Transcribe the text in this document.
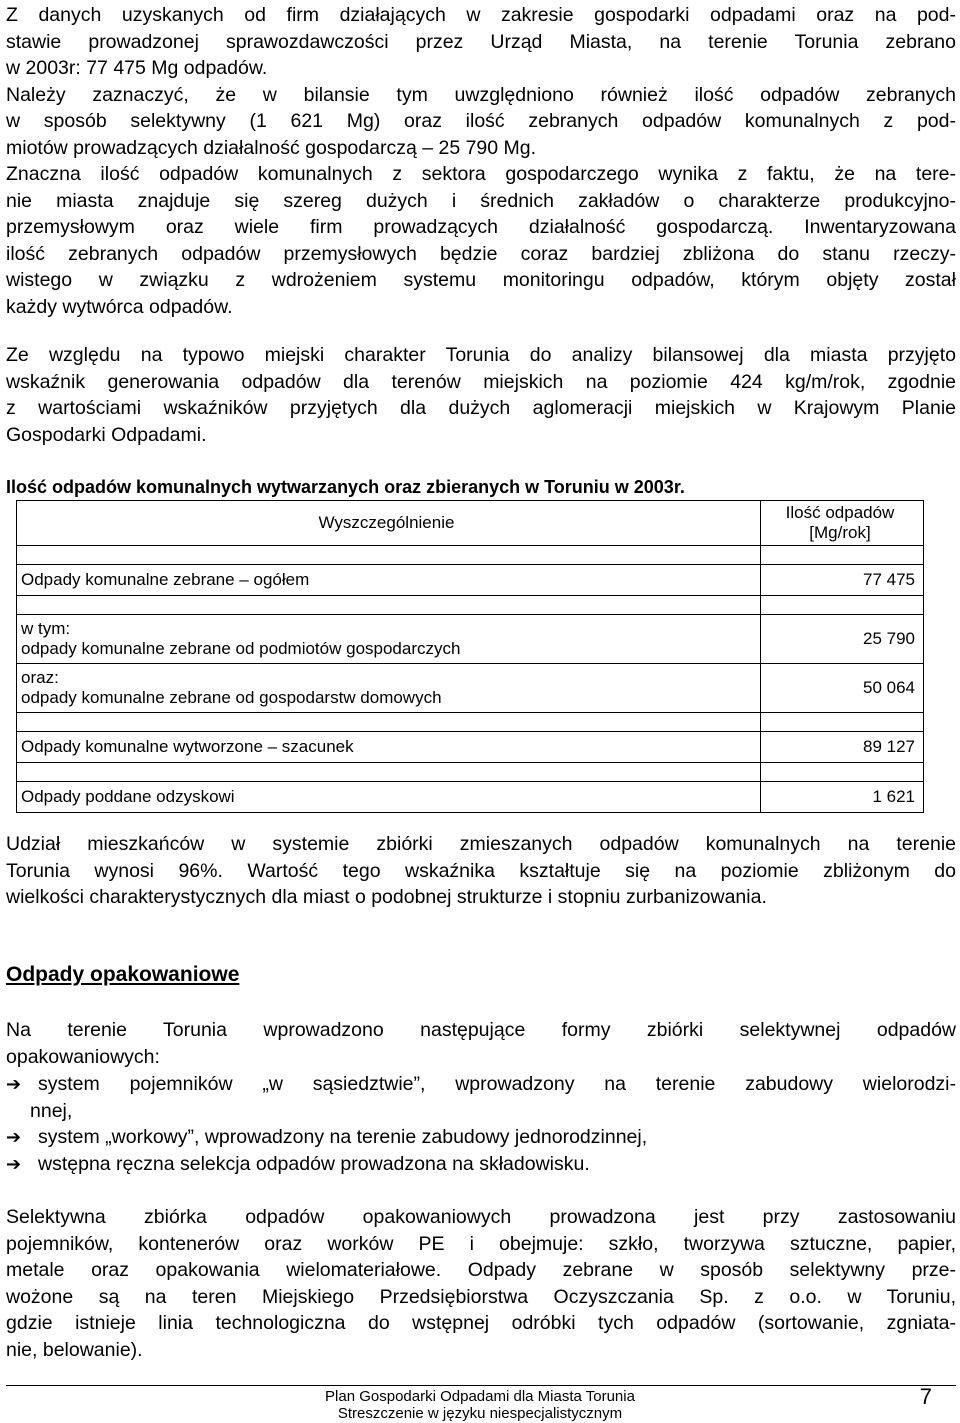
Z danych uzyskanych od firm działających w zakresie gospodarki odpadami oraz na pod-
stawie prowadzonej sprawozdawczości przez Urząd Miasta, na terenie Torunia zebrano
w 2003r: 77 475 Mg odpadów.
Należy zaznaczyć, że w bilansie tym uwzględniono również ilość odpadów zebranych
w sposób selektywny (1 621 Mg) oraz ilość zebranych odpadów komunalnych z pod-
miotów prowadzących działalność gospodarczą – 25 790 Mg.
Znaczna ilość odpadów komunalnych z sektora gospodarczego wynika z faktu, że na tere-
nie miasta znajduje się szereg dużych i średnich zakładów o charakterze produkcyjno-
przemysłowym oraz wiele firm prowadzących działalność gospodarczą. Inwentaryzowana
ilość zebranych odpadów przemysłowych będzie coraz bardziej zbliżona do stanu rzeczy-
wistego w związku z wdrożeniem systemu monitoringu odpadów, którym objęty został
każdy wytwórca odpadów.
Ze względu na typowo miejski charakter Torunia do analizy bilansowej dla miasta przyjęto
wskaźnik generowania odpadów dla terenów miejskich na poziomie 424 kg/m/rok, zgodnie
z wartościami wskaźników przyjętych dla dużych aglomeracji miejskich w Krajowym Planie
Gospodarki Odpadami.

Ilość odpadów komunalnych wytwarzanych oraz zbieranych w Toruniu w 2003r.

Wyszczególnienie	Ilość odpadów
[Mg/rok]

Odpady komunalne zebrane – ogółem	77 475

w tym:
odpady komunalne zebrane od podmiotów gospodarczych	25 790

oraz:
odpady komunalne zebrane od gospodarstw domowych	50 064

Odpady komunalne wytworzone – szacunek	89 127

Odpady poddane odzyskowi	1 621
Udział mieszkańców w systemie zbiórki zmieszanych odpadów komunalnych na terenie
Torunia wynosi 96%. Wartość tego wskaźnika kształtuje się na poziomie zbliżonym do
wielkości charakterystycznych dla miast o podobnej strukturze i stopniu zurbanizowania.

Odpady opakowaniowe

Na terenie Torunia wprowadzono następujące formy zbiórki selektywnej odpadów
opakowaniowych:
➔ system pojemników „w sąsiedztwie”, wprowadzony na terenie zabudowy wielorodzi-
nnej,
➔ system „workowy”, wprowadzony na terenie zabudowy jednorodzinnej,
➔ wstępna ręczna selekcja odpadów prowadzona na składowisku.
Selektywna zbiórka odpadów opakowaniowych prowadzona jest przy zastosowaniu
pojemników, kontenerów oraz worków PE i obejmuje: szkło, tworzywa sztuczne, papier,
metale oraz opakowania wielomateriałowe. Odpady zebrane w sposób selektywny prze-
wożone są na teren Miejskiego Przedsiębiorstwa Oczyszczania Sp. z o.o. w Toruniu,
gdzie istnieje linia technologiczna do wstępnej odróbki tych odpadów (sortowanie, zgniata-
nie, belowanie).
Plan Gospodarki Odpadami dla Miasta Torunia
Streszczenie w języku niespecjalistycznym
7
